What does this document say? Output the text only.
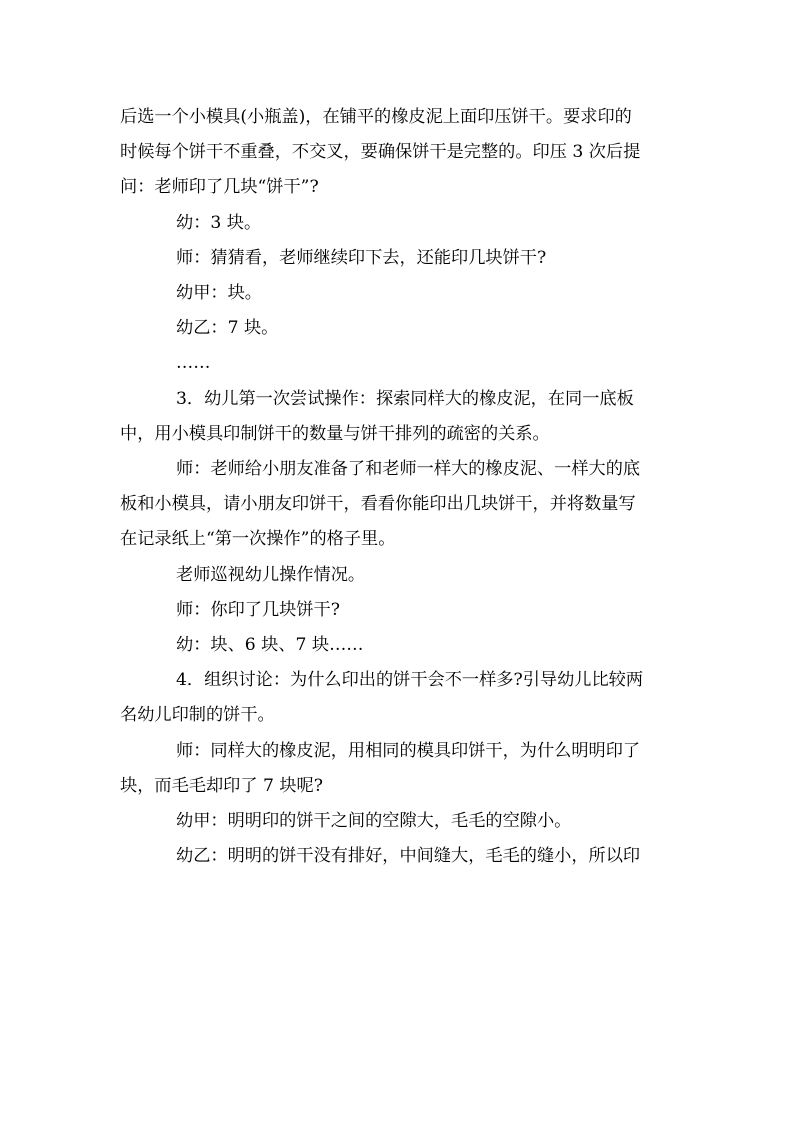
后选一个小模具(小瓶盖)，在铺平的橡皮泥上面印压饼干。要求印的

时候每个饼干不重叠，不交叉，要确保饼干是完整的。印压 3 次后提

问：老师印了几块“饼干”?

幼：3 块。

师：猜猜看，老师继续印下去，还能印几块饼干?

幼甲：块。

幼乙：7 块。

……

3．幼儿第一次尝试操作：探索同样大的橡皮泥，在同一底板

中，用小模具印制饼干的数量与饼干排列的疏密的关系。

师：老师给小朋友准备了和老师一样大的橡皮泥、一样大的底

板和小模具，请小朋友印饼干，看看你能印出几块饼干，并将数量写

在记录纸上“第一次操作”的格子里。

老师巡视幼儿操作情况。

师：你印了几块饼干?

幼：块、6 块、7 块……

4．组织讨论：为什么印出的饼干会不一样多?引导幼儿比较两

名幼儿印制的饼干。

师：同样大的橡皮泥，用相同的模具印饼干，为什么明明印了

块，而毛毛却印了 7 块呢?

幼甲：明明印的饼干之间的空隙大，毛毛的空隙小。

幼乙：明明的饼干没有排好，中间缝大，毛毛的缝小，所以印
